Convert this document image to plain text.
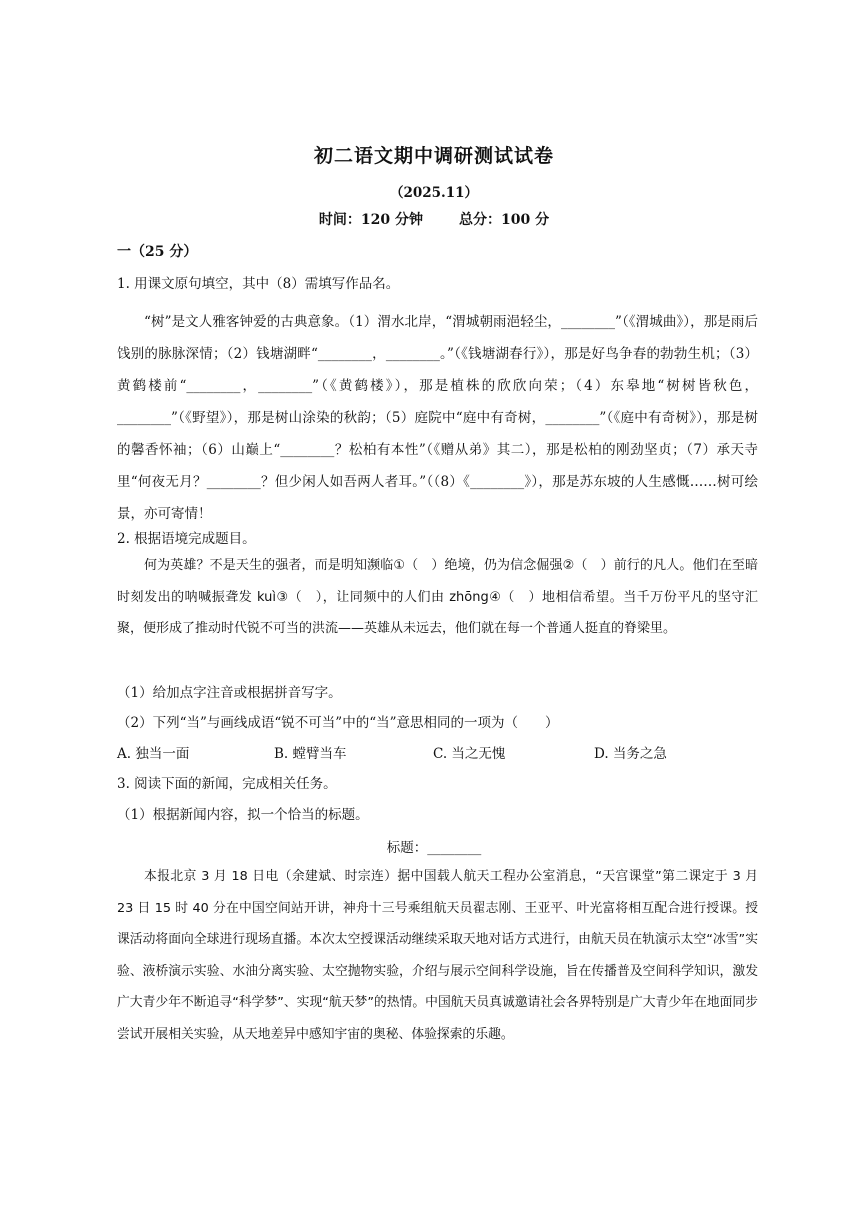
初二语文期中调研测试试卷
（2025.11）
时间：120 分钟	总分：100 分
一（25 分）
1. 用课文原句填空，其中（8）需填写作品名。
“树”是文人雅客钟爱的古典意象。（1）渭水北岸，“渭城朝雨浥轻尘，________”（《渭城曲》），那是雨后饯别的脉脉深情；（2）钱塘湖畔“________，________。”（《钱塘湖春行》），那是好鸟争春的勃勃生机；（3）黄鹤楼前“________，________”（《黄鹤楼》），那是植株的欣欣向荣；（4）东皋地“树树皆秋色，________”（《野望》），那是树山涂染的秋韵；（5）庭院中“庭中有奇树，________”（《庭中有奇树》），那是树的馨香怀袖；（6）山巅上“________？松柏有本性”（《赠从弟》其二），那是松柏的刚劲坚贞；（7）承天寺里“何夜无月？________？但少闲人如吾两人者耳。”（（8）《________》），那是苏东坡的人生感慨……树可绘景，亦可寄情！
2. 根据语境完成题目。
何为英雄？不是天生的强者，而是明知濒临①（　）绝境，仍为信念倔强②（　）前行的凡人。他们在至暗时刻发出的呐喊振聋发 kuì③（　），让同频中的人们由 zhōng④（　）地相信希望。当千万份平凡的坚守汇聚，便形成了推动时代锐不可当的洪流——英雄从未远去，他们就在每一个普通人挺直的脊梁里。
（1）给加点字注音或根据拼音写字。
（2）下列“当”与画线成语“锐不可当”中的“当”意思相同的一项为（　　）
A. 独当一面	B. 螳臂当车	C. 当之无愧	D. 当务之急
3. 阅读下面的新闻，完成相关任务。
（1）根据新闻内容，拟一个恰当的标题。
标题：________
本报北京 3 月 18 日电（余建斌、时宗连）据中国载人航天工程办公室消息，“天宫课堂”第二课定于 3 月 23 日 15 时 40 分在中国空间站开讲，神舟十三号乘组航天员翟志刚、王亚平、叶光富将相互配合进行授课。授课活动将面向全球进行现场直播。本次太空授课活动继续采取天地对话方式进行，由航天员在轨演示太空“冰雪”实验、液桥演示实验、水油分离实验、太空抛物实验，介绍与展示空间科学设施，旨在传播普及空间科学知识，激发广大青少年不断追寻“科学梦”、实现“航天梦”的热情。中国航天员真诚邀请社会各界特别是广大青少年在地面同步尝试开展相关实验，从天地差异中感知宇宙的奥秘、体验探索的乐趣。
